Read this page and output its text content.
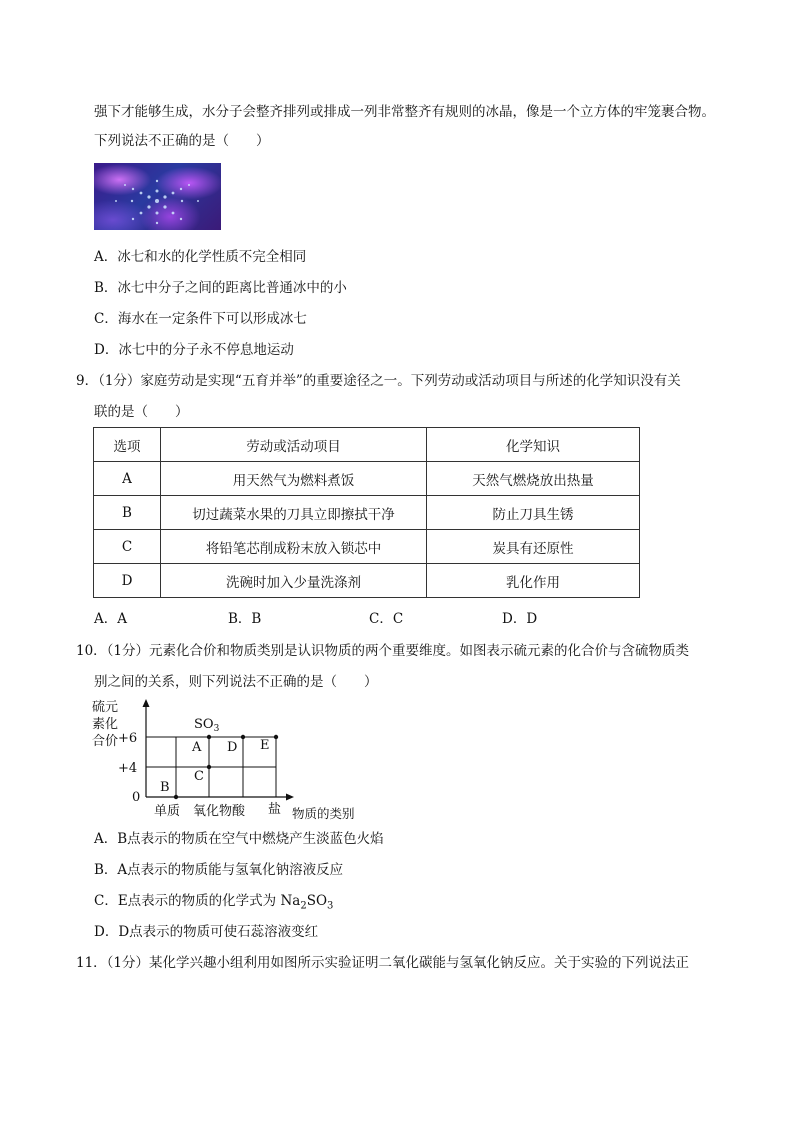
强下才能够生成，水分子会整齐排列或排成一列非常整齐有规则的冰晶，像是一个立方体的牢笼裹合物。
下列说法不正确的是（　　）
A．冰七和水的化学性质不完全相同
B．冰七中分子之间的距离比普通冰中的小
C．海水在一定条件下可以形成冰七
D．冰七中的分子永不停息地运动
9．（1分）家庭劳动是实现“五育并举”的重要途径之一。下列劳动或活动项目与所述的化学知识没有关
联的是（　　）
选项	劳动或活动项目	化学知识
A	用天然气为燃料煮饭	天然气燃烧放出热量
B	切过蔬菜水果的刀具立即擦拭干净	防止刀具生锈
C	将铅笔芯削成粉末放入锁芯中	炭具有还原性
D	洗碗时加入少量洗涤剂	乳化作用
A．A	B．B	C．C	D．D
10．（1分）元素化合价和物质类别是认识物质的两个重要维度。如图表示硫元素的化合价与含硫物质类
别之间的关系，则下列说法不正确的是（　　）
硫元
素化
合价 +6
+4
0
$SO_3$
A
B
C
D E
单质 氧化物 酸 盐 物质的类别
A．B点表示的物质在空气中燃烧产生淡蓝色火焰
B．A点表示的物质能与氢氧化钠溶液反应
C．E点表示的物质的化学式为 $Na_2SO_3$
D．D点表示的物质可使石蕊溶液变红
11．（1分）某化学兴趣小组利用如图所示实验证明二氧化碳能与氢氧化钠反应。关于实验的下列说法正
